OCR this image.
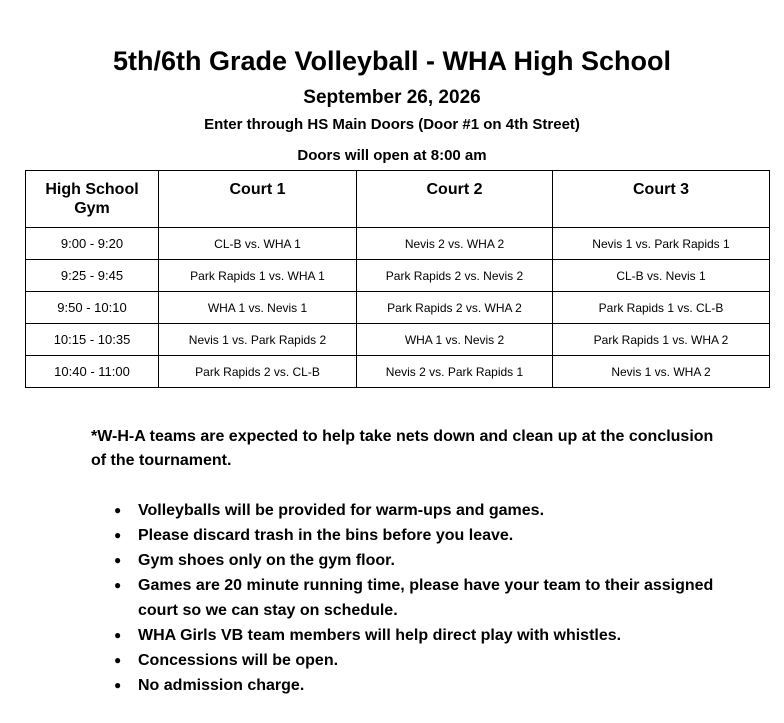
5th/6th Grade Volleyball - WHA High School
September 26, 2026
Enter through HS Main Doors (Door #1 on 4th Street)
Doors will open at 8:00 am
High School Gym	Court 1	Court 2	Court 3
9:00 - 9:20	CL-B vs. WHA 1	Nevis 2 vs. WHA 2	Nevis 1 vs. Park Rapids 1
9:25 - 9:45	Park Rapids 1 vs. WHA 1	Park Rapids 2 vs. Nevis 2	CL-B vs. Nevis 1
9:50 - 10:10	WHA 1 vs. Nevis 1	Park Rapids 2 vs. WHA 2	Park Rapids 1 vs. CL-B
10:15 - 10:35	Nevis 1 vs. Park Rapids 2	WHA 1 vs. Nevis 2	Park Rapids 1 vs. WHA 2
10:40 - 11:00	Park Rapids 2 vs. CL-B	Nevis 2 vs. Park Rapids 1	Nevis 1 vs. WHA 2
*W-H-A teams are expected to help take nets down and clean up at the conclusion of the tournament.
● Volleyballs will be provided for warm-ups and games.
● Please discard trash in the bins before you leave.
● Gym shoes only on the gym floor.
● Games are 20 minute running time, please have your team to their assigned court so we can stay on schedule.
● WHA Girls VB team members will help direct play with whistles.
● Concessions will be open.
● No admission charge.
